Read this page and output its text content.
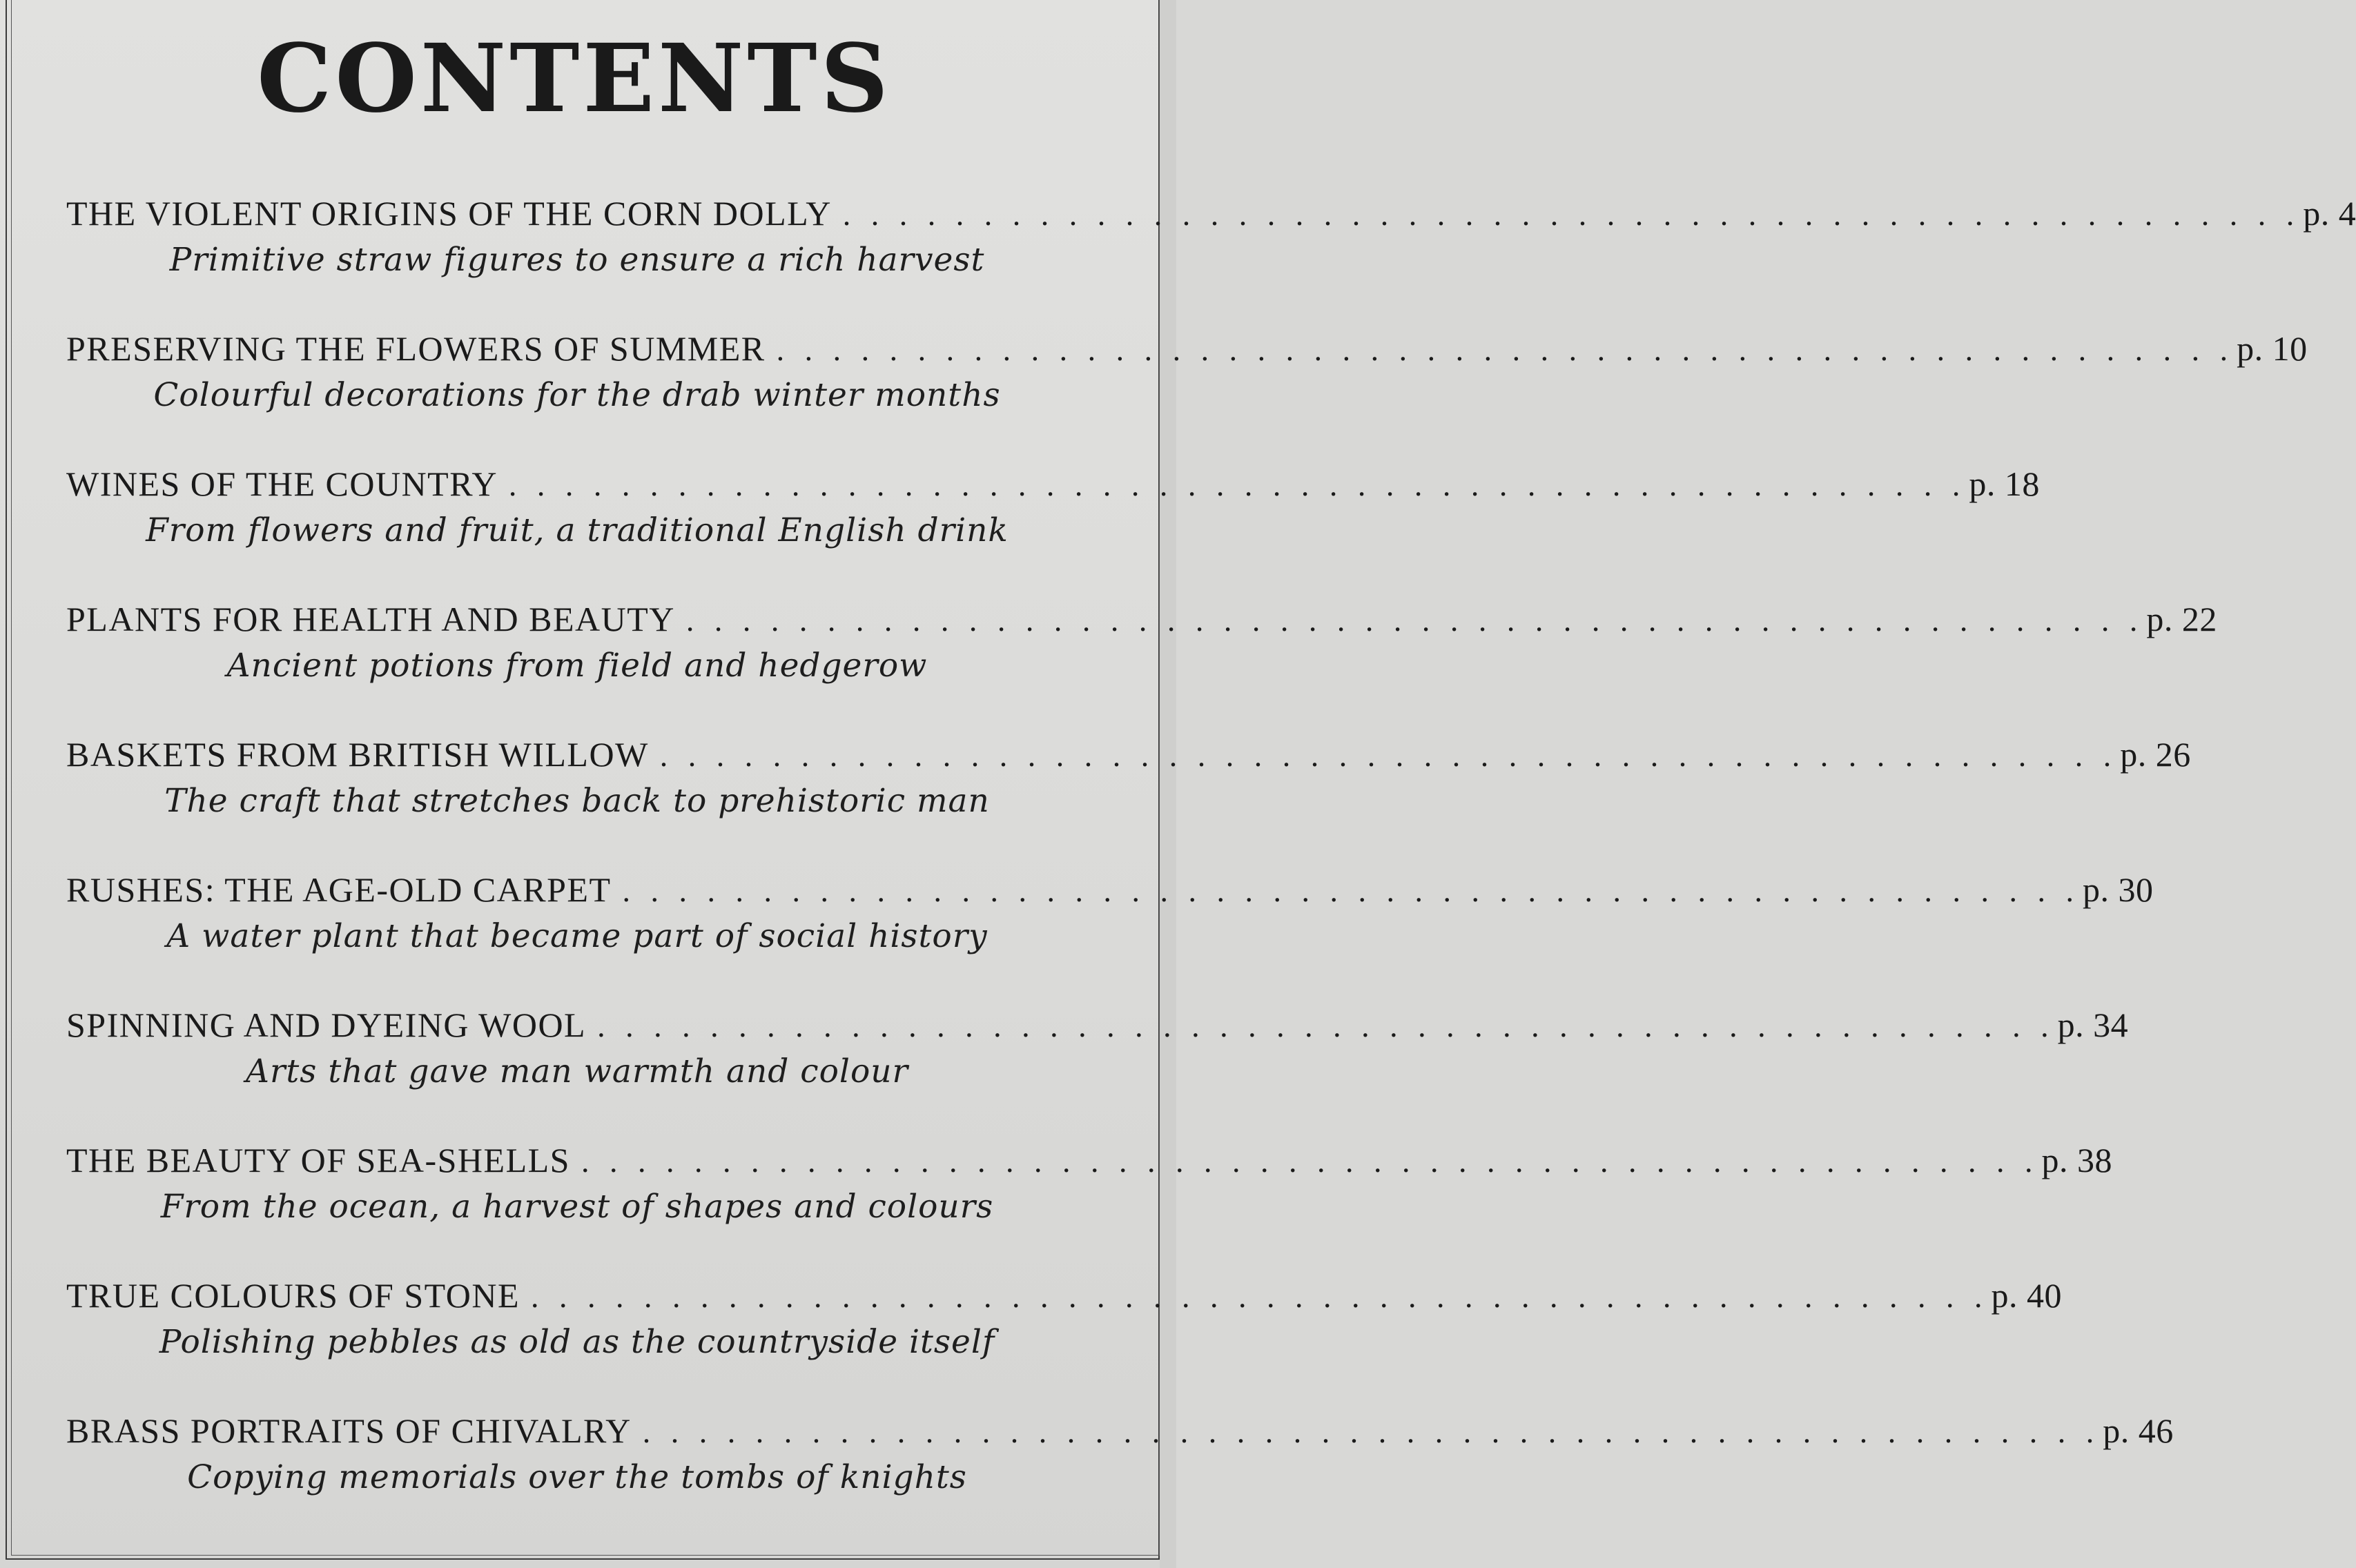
CONTENTS
THE VIOLENT ORIGINS OF THE CORN DOLLY . . . . . . . . . . . . . . . . . . . . . . . . . . . . . . . . . . . . . . . . . . . . . . . . . . . . p. 4
Primitive straw figures to ensure a rich harvest
PRESERVING THE FLOWERS OF SUMMER . . . . . . . . . . . . . . . . . . . . . . . . . . . . . . . . . . . . . . . . . . . . . . . . . . . . p. 10
Colourful decorations for the drab winter months
WINES OF THE COUNTRY . . . . . . . . . . . . . . . . . . . . . . . . . . . . . . . . . . . . . . . . . . . . . . . . . . . . p. 18
From flowers and fruit, a traditional English drink
PLANTS FOR HEALTH AND BEAUTY . . . . . . . . . . . . . . . . . . . . . . . . . . . . . . . . . . . . . . . . . . . . . . . . . . . . p. 22
Ancient potions from field and hedgerow
BASKETS FROM BRITISH WILLOW . . . . . . . . . . . . . . . . . . . . . . . . . . . . . . . . . . . . . . . . . . . . . . . . . . . . p. 26
The craft that stretches back to prehistoric man
RUSHES: THE AGE-OLD CARPET . . . . . . . . . . . . . . . . . . . . . . . . . . . . . . . . . . . . . . . . . . . . . . . . . . . . p. 30
A water plant that became part of social history
SPINNING AND DYEING WOOL . . . . . . . . . . . . . . . . . . . . . . . . . . . . . . . . . . . . . . . . . . . . . . . . . . . . p. 34
Arts that gave man warmth and colour
THE BEAUTY OF SEA-SHELLS . . . . . . . . . . . . . . . . . . . . . . . . . . . . . . . . . . . . . . . . . . . . . . . . . . . . p. 38
From the ocean, a harvest of shapes and colours
TRUE COLOURS OF STONE . . . . . . . . . . . . . . . . . . . . . . . . . . . . . . . . . . . . . . . . . . . . . . . . . . . . p. 40
Polishing pebbles as old as the countryside itself
BRASS PORTRAITS OF CHIVALRY . . . . . . . . . . . . . . . . . . . . . . . . . . . . . . . . . . . . . . . . . . . . . . . . . . . . p. 46
Copying memorials over the tombs of knights
